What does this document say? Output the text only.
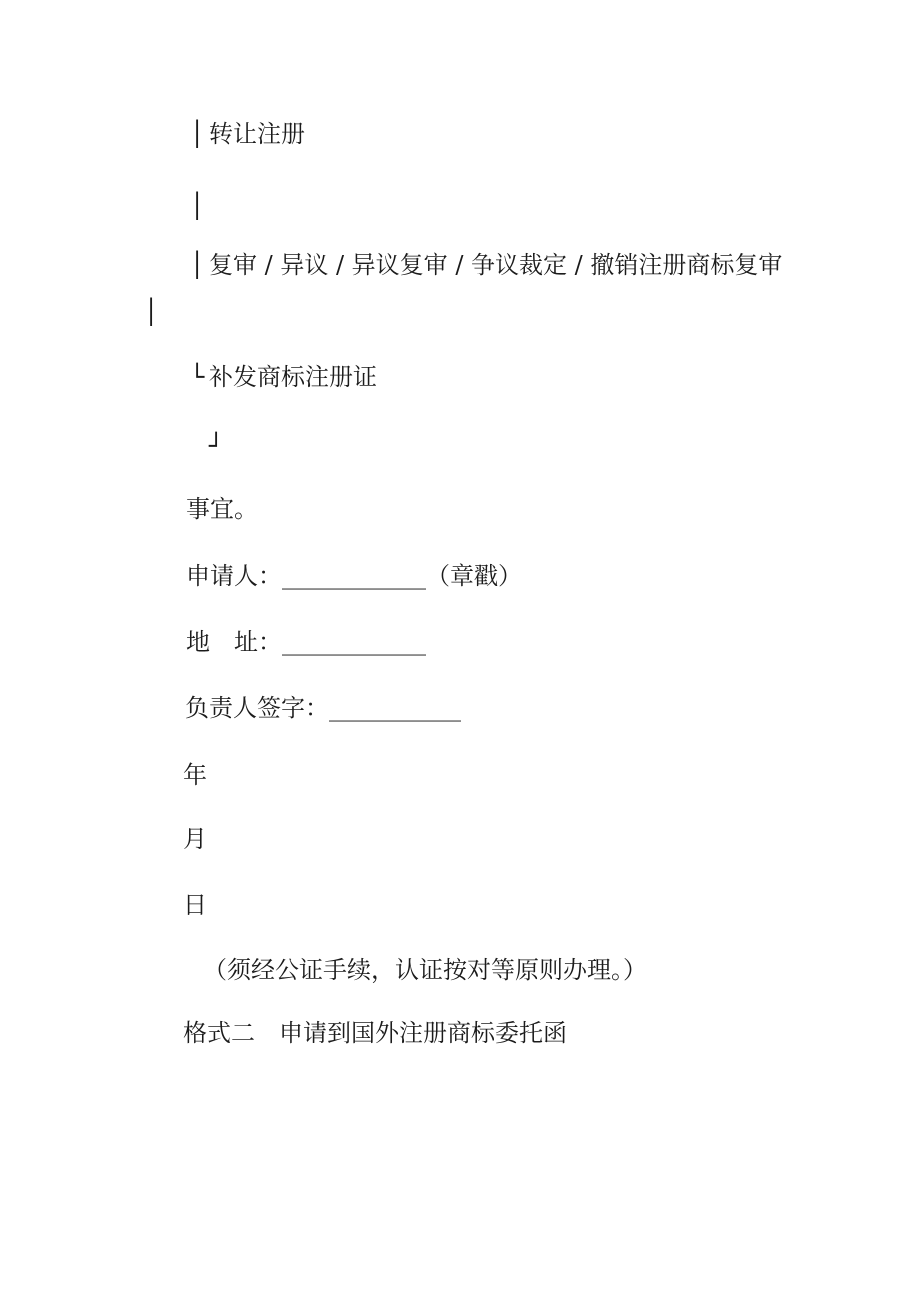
│ 转让注册
│
│ 复审 / 异议 / 异议复审 / 争议裁定 / 撤销注册商标复审
│
└ 补发商标注册证
┘
事宜。
申请人：____________（章戳）
地　址：____________
负责人签字：___________
年
月
日
（须经公证手续，认证按对等原则办理。）
格式二　申请到国外注册商标委托函
